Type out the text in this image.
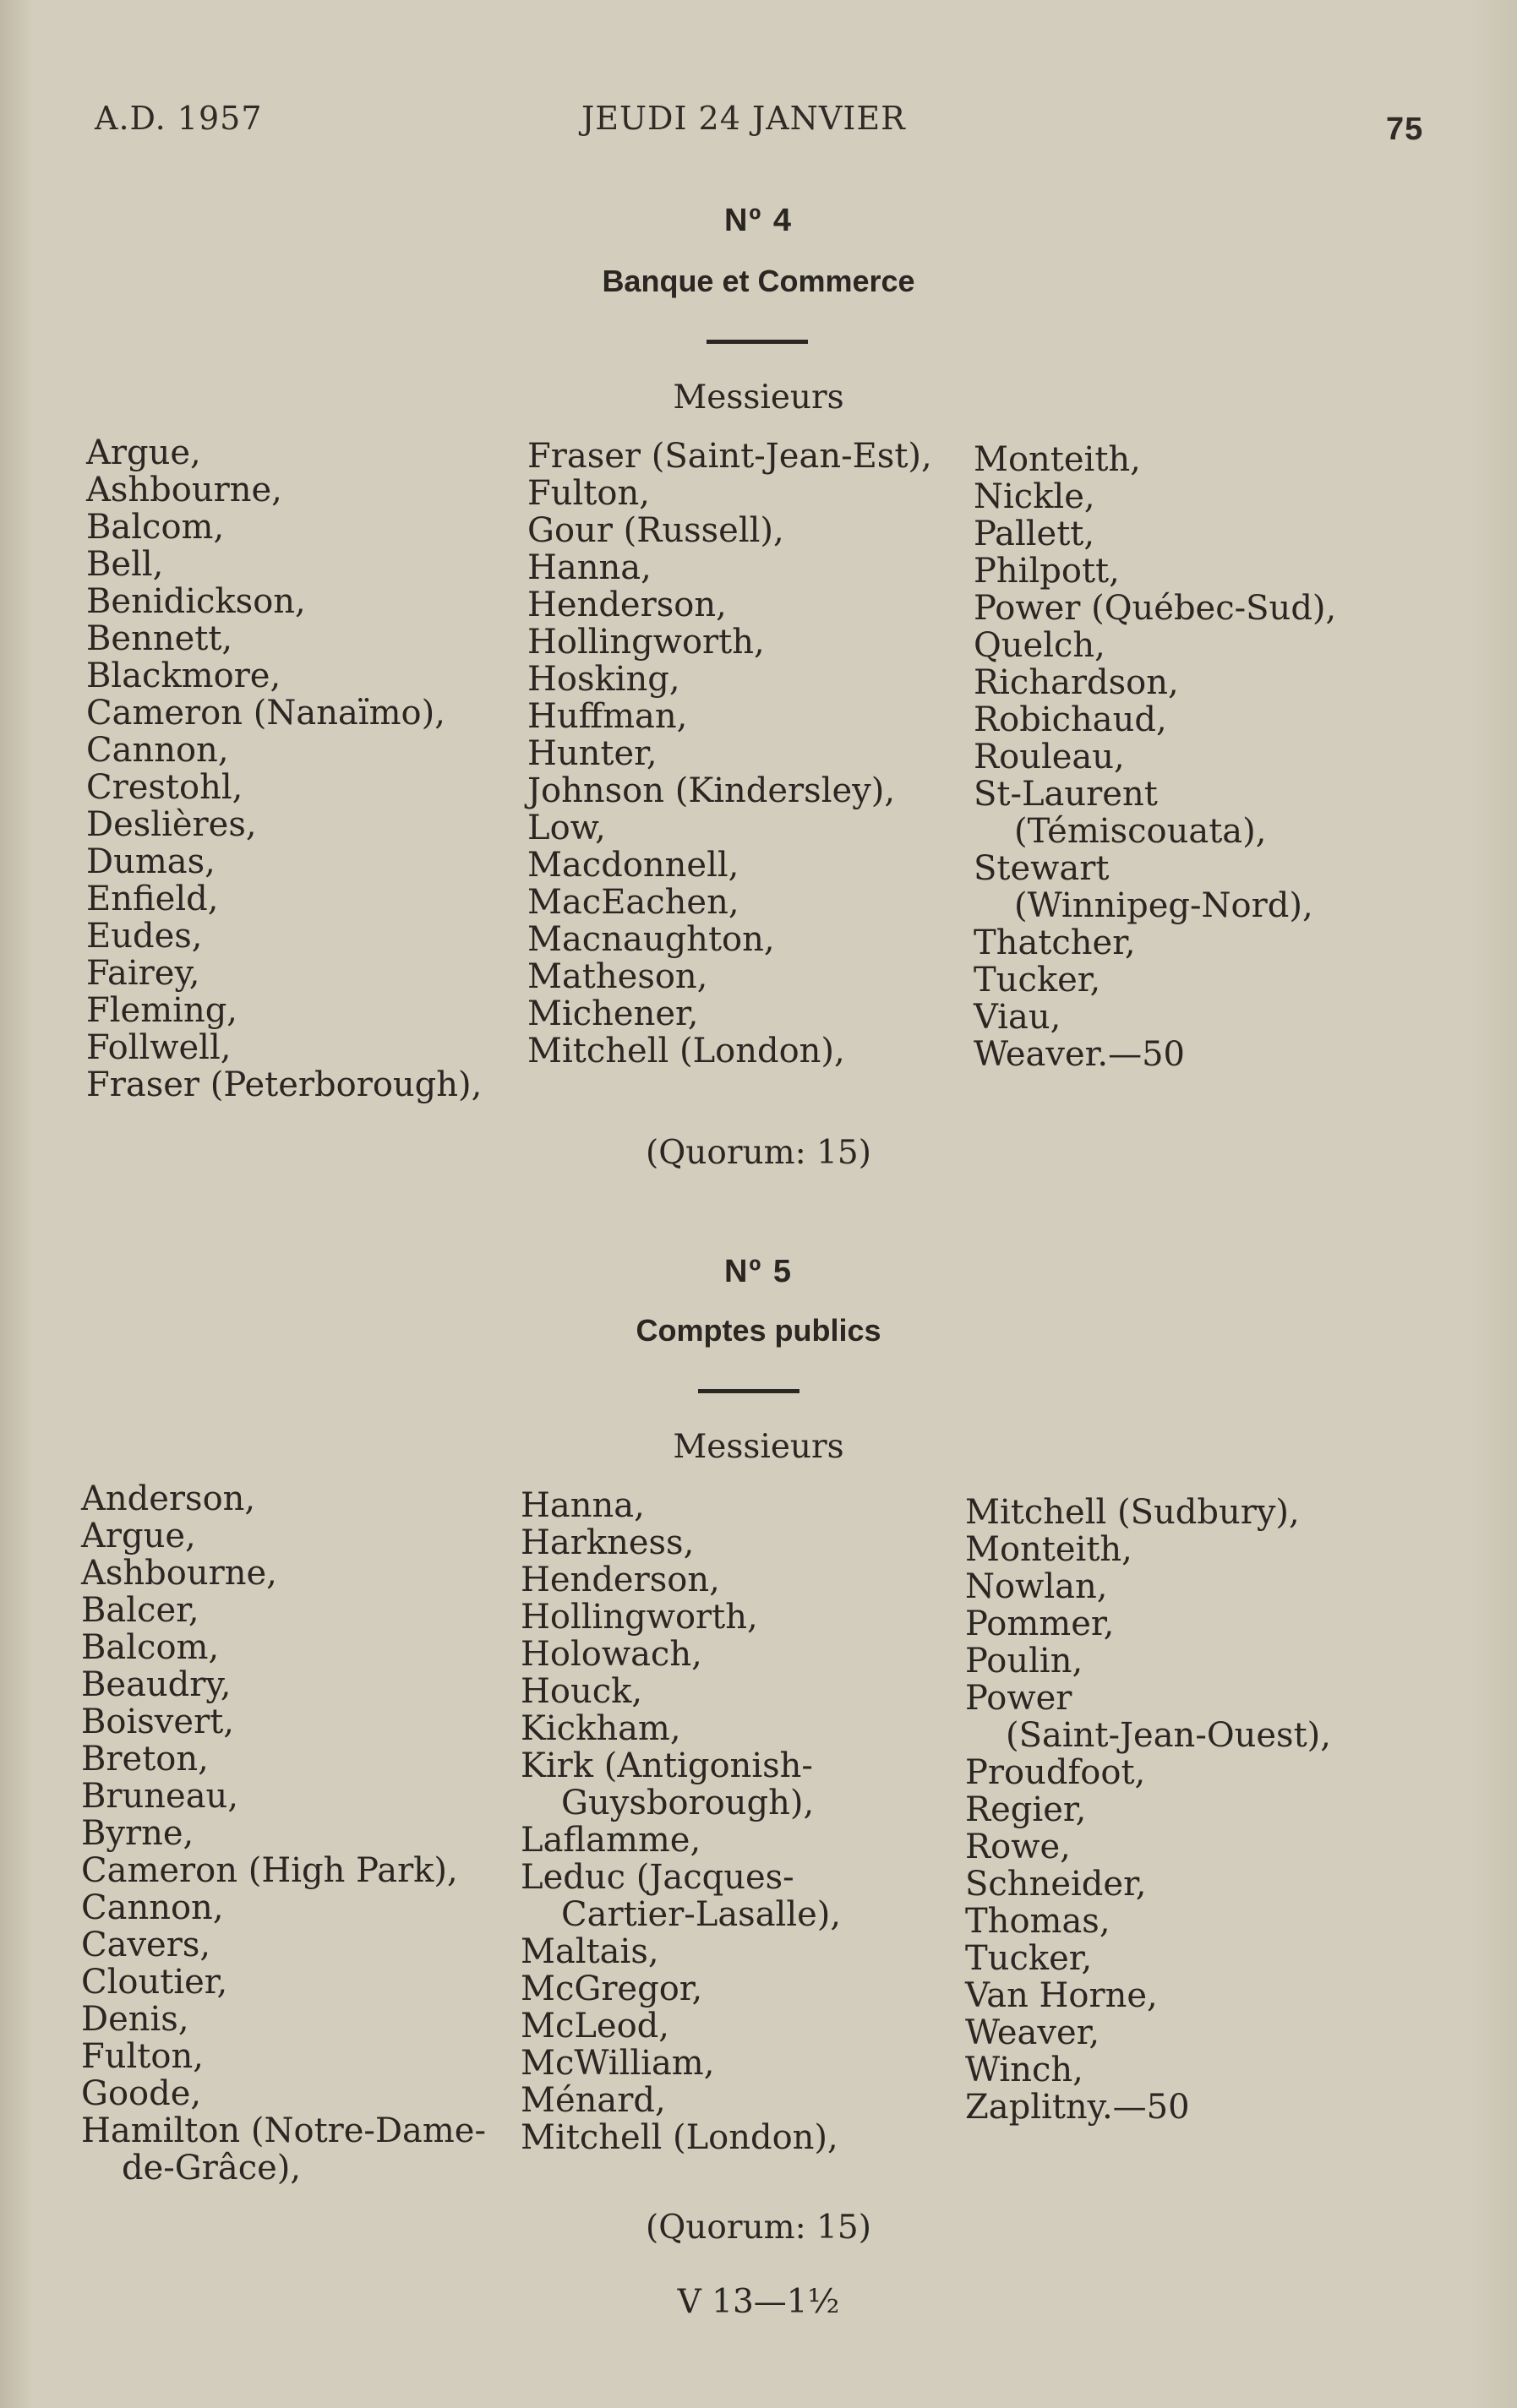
A.D. 1957	JEUDI 24 JANVIER	75
Nº 4
Banque et Commerce
Messieurs
Argue,
Ashbourne,
Balcom,
Bell,
Benidickson,
Bennett,
Blackmore,
Cameron (Nanaïmo),
Cannon,
Crestohl,
Deslières,
Dumas,
Enfield,
Eudes,
Fairey,
Fleming,
Follwell,
Fraser (Peterborough),
Fraser (Saint-Jean-Est),
Fulton,
Gour (Russell),
Hanna,
Henderson,
Hollingworth,
Hosking,
Huffman,
Hunter,
Johnson (Kindersley),
Low,
Macdonnell,
MacEachen,
Macnaughton,
Matheson,
Michener,
Mitchell (London),
Monteith,
Nickle,
Pallett,
Philpott,
Power (Québec-Sud),
Quelch,
Richardson,
Robichaud,
Rouleau,
St-Laurent
(Témiscouata),
Stewart
(Winnipeg-Nord),
Thatcher,
Tucker,
Viau,
Weaver.—50
(Quorum: 15)
Nº 5
Comptes publics
Messieurs
Anderson,
Argue,
Ashbourne,
Balcer,
Balcom,
Beaudry,
Boisvert,
Breton,
Bruneau,
Byrne,
Cameron (High Park),
Cannon,
Cavers,
Cloutier,
Denis,
Fulton,
Goode,
Hamilton (Notre-Dame-
de-Grâce),
Hanna,
Harkness,
Henderson,
Hollingworth,
Holowach,
Houck,
Kickham,
Kirk (Antigonish-
Guysborough),
Laflamme,
Leduc (Jacques-
Cartier-Lasalle),
Maltais,
McGregor,
McLeod,
McWilliam,
Ménard,
Mitchell (London),
Mitchell (Sudbury),
Monteith,
Nowlan,
Pommer,
Poulin,
Power
(Saint-Jean-Ouest),
Proudfoot,
Regier,
Rowe,
Schneider,
Thomas,
Tucker,
Van Horne,
Weaver,
Winch,
Zaplitny.—50
(Quorum: 15)
V 13—1½
